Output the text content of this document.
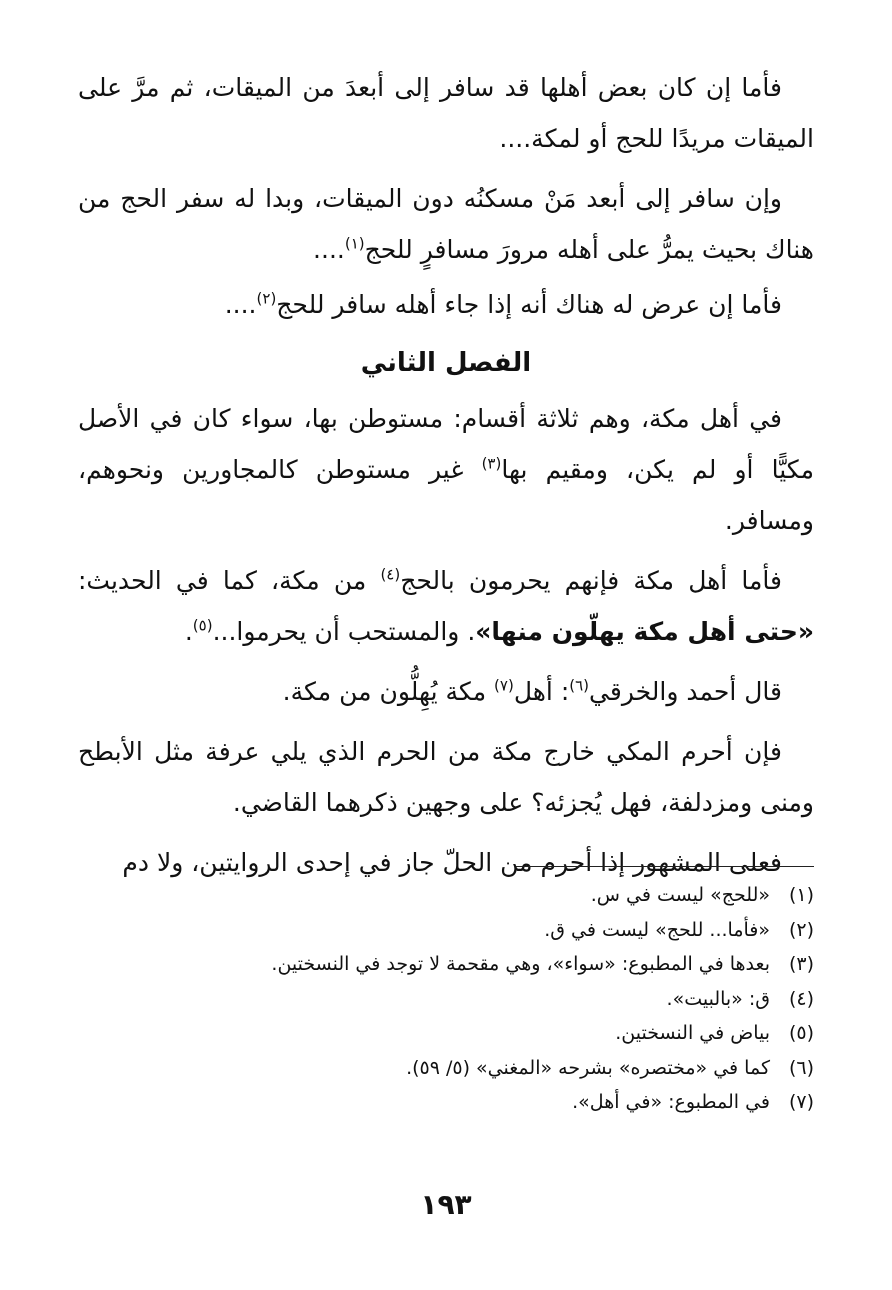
فأما إن كان بعض أهلها قد سافر إلى أبعدَ من الميقات، ثم مرَّ على الميقات مريدًا للحج أو لمكة....

وإن سافر إلى أبعد مَنْ مسكنُه دون الميقات، وبدا له سفر الحج من هناك بحيث يمرُّ على أهله مرورَ مسافرٍ للحج$^{(١)}$....

فأما إن عرض له هناك أنه إذا جاء أهله سافر للحج$^{(٢)}$....

الفصل الثاني

في أهل مكة، وهم ثلاثة أقسام: مستوطن بها، سواء كان في الأصل مكيًّا أو لم يكن، ومقيم بها$^{(٣)}$ غير مستوطن كالمجاورين ونحوهم، ومسافر.

فأما أهل مكة فإنهم يحرمون بالحج$^{(٤)}$ من مكة، كما في الحديث: «حتى أهل مكة يهلّون منها». والمستحب أن يحرموا...$^{(٥)}$.

قال أحمد والخرقي$^{(٦)}$: أهل$^{(٧)}$ مكة يُهِلُّون من مكة.

فإن أحرم المكي خارج مكة من الحرم الذي يلي عرفة مثل الأبطح ومنى ومزدلفة، فهل يُجزئه؟ على وجهين ذكرهما القاضي.

فعلى المشهور إذا أحرم من الحلّ جاز في إحدى الروايتين، ولا دم

(١)
«للحج» ليست في س.
(٢)
«فأما... للحج» ليست في ق.
(٣)
بعدها في المطبوع: «سواء»، وهي مقحمة لا توجد في النسختين.
(٤)
ق: «بالبيت».
(٥)
بياض في النسختين.
(٦)
كما في «مختصره» بشرحه «المغني» (٥/ ٥٩).
(٧)
في المطبوع: «في أهل».
١٩٣
